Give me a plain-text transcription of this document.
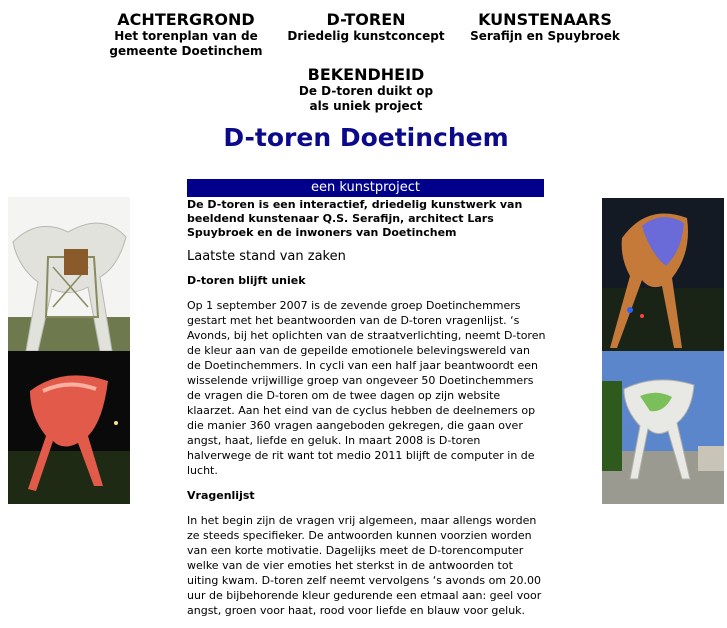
ACHTERGROND
Het torenplan van de
gemeente Doetinchem
D-TOREN
Driedelig kunstconcept
KUNSTENAARS
Serafijn en Spuybroek
BEKENDHEID
De D-toren duikt op
als uniek project
D-toren Doetinchem
een kunstproject
De D-toren is een interactief, driedelig kunstwerk van beeldend kunstenaar Q.S. Serafijn, architect Lars Spuybroek en de inwoners van Doetinchem
Laatste stand van zaken
D-toren blijft uniek

Op 1 september 2007 is de zevende groep Doetinchemmers gestart met het beantwoorden van de D-toren vragenlijst. ‘s Avonds, bij het oplichten van de straatverlichting, neemt D-toren de kleur aan van de gepeilde emotionele belevingswereld van de Doetinchemmers. In cycli van een half jaar beantwoordt een wisselende vrijwillige groep van ongeveer 50 Doetinchemmers de vragen die D-toren om de twee dagen op zijn website klaarzet. Aan het eind van de cyclus hebben de deelnemers op die manier 360 vragen aangeboden gekregen, die gaan over angst, haat, liefde en geluk. In maart 2008 is D-toren halverwege de rit want tot medio 2011 blijft de computer in de lucht.

Vragenlijst

In het begin zijn de vragen vrij algemeen, maar allengs worden ze steeds specifieker. De antwoorden kunnen voorzien worden van een korte motivatie. Dagelijks meet de D-torencomputer welke van de vier emoties het sterkst in de antwoorden tot uiting kwam. D-toren zelf neemt vervolgens ‘s avonds om 20.00 uur de bijbehorende kleur gedurende een etmaal aan: geel voor angst, groen voor haat, rood voor liefde en blauw voor geluk.
